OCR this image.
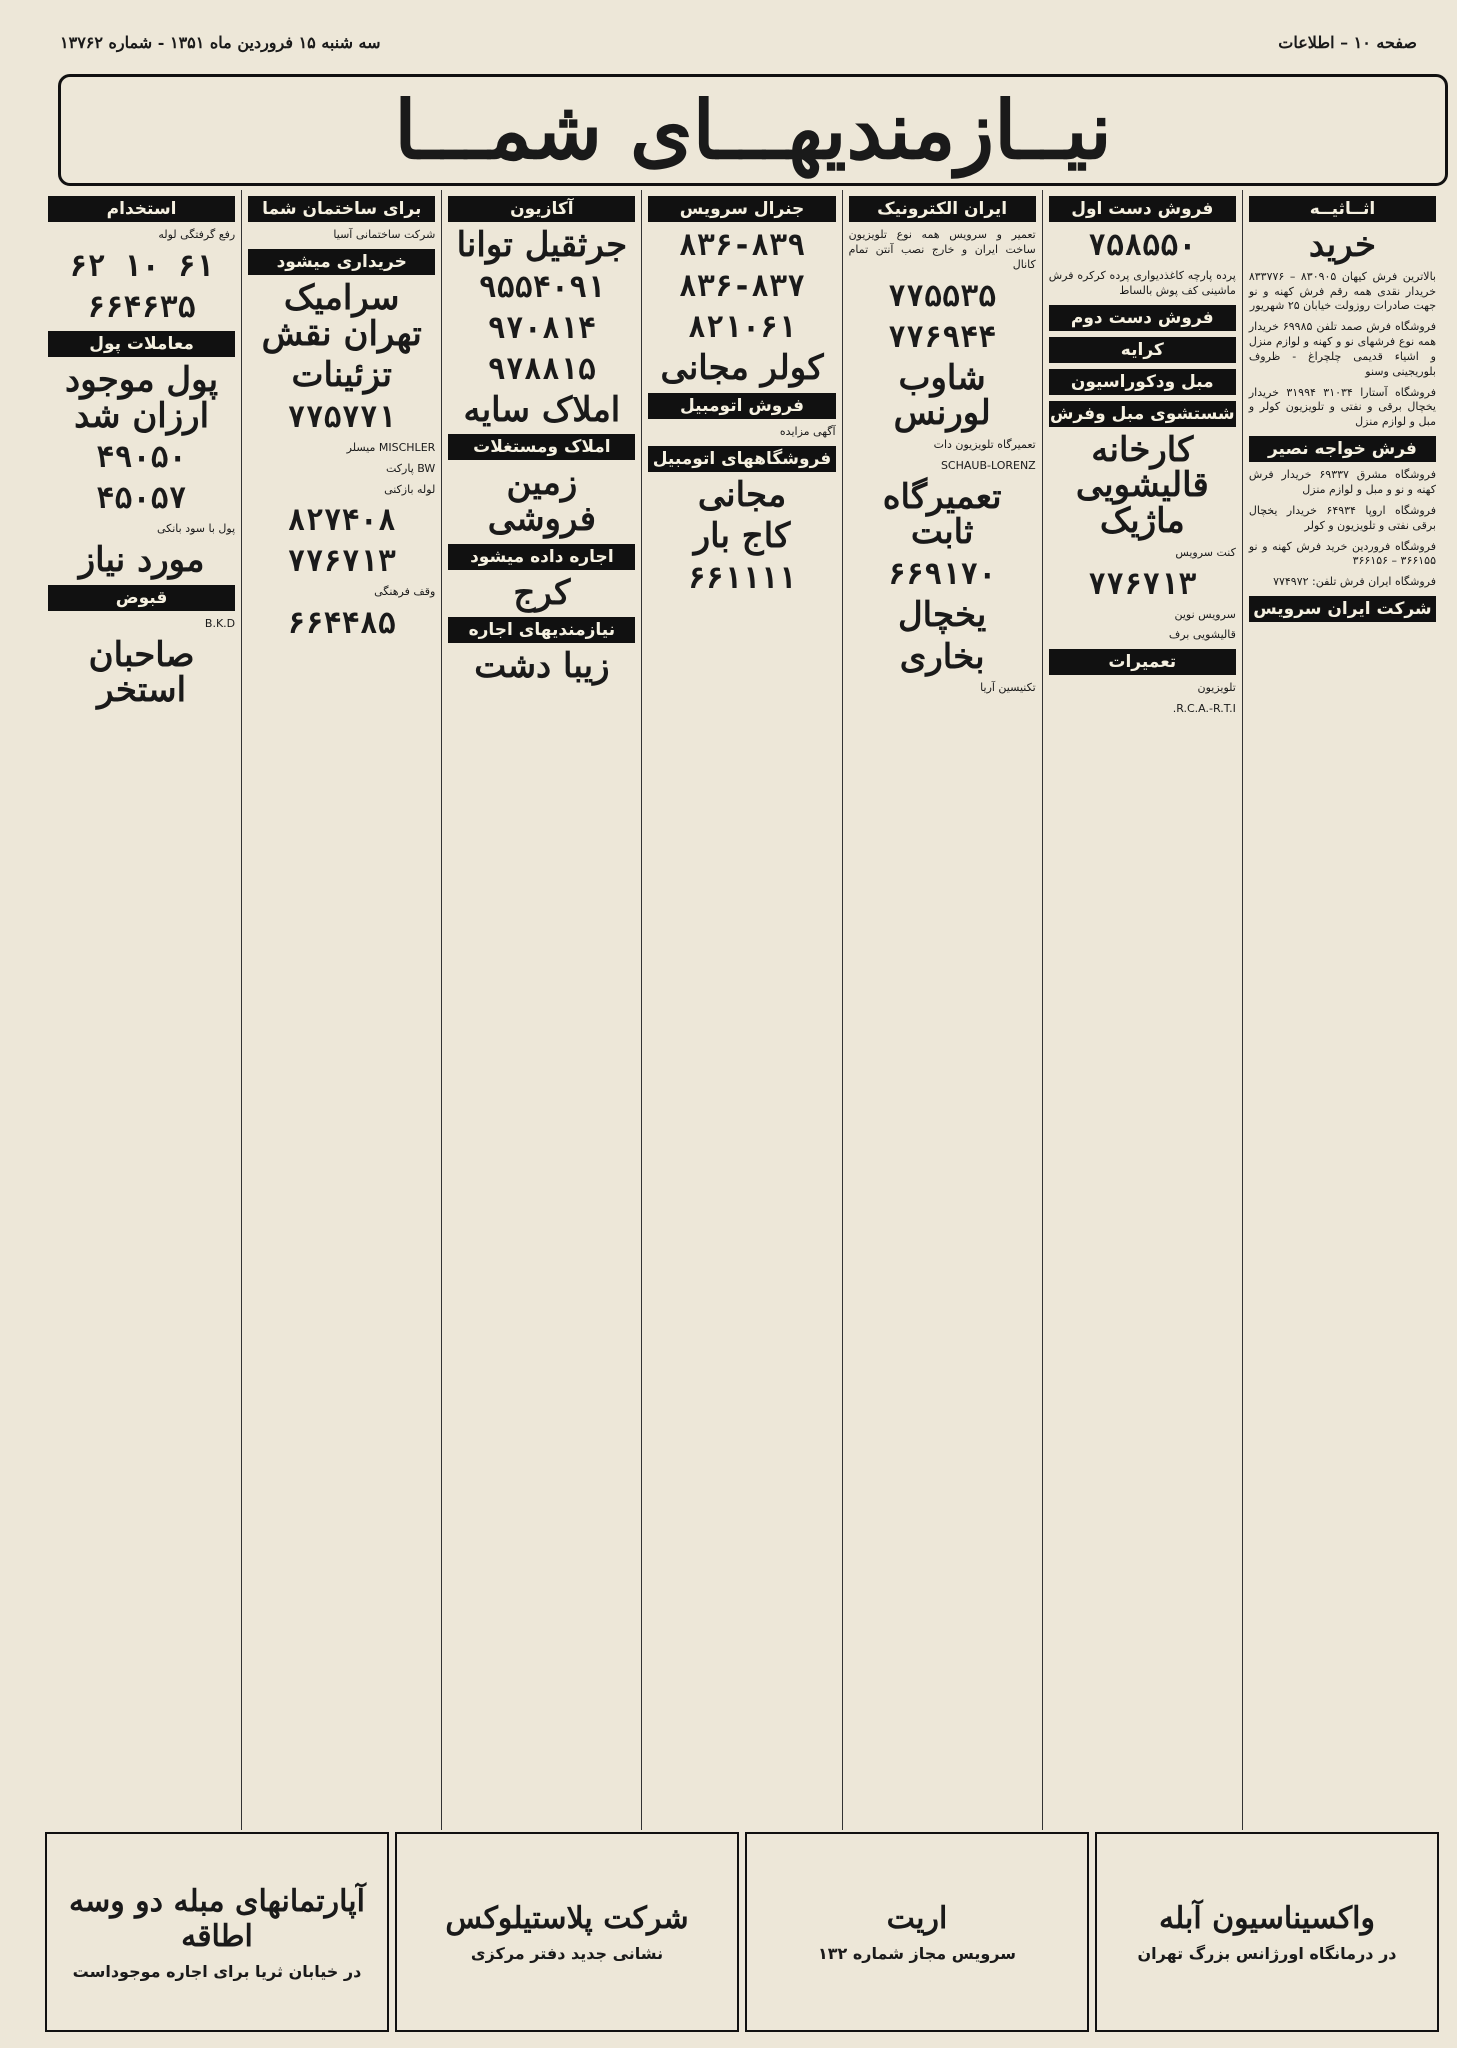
صفحه ۱۰ – اطلاعات
سه شنبه ۱۵ فروردین ماه ۱۳۵۱ - شماره ۱۳۷۶۲
نیــازمندیهـــای شمـــا
اثــاثیــه
خرید
بالاترین فرش کیهان ۸۳۰۹۰۵ – ۸۳۳۷۷۶ خریدار نقدی همه رقم فرش کهنه و نو جهت صادرات روزولت خیابان ۲۵ شهریور
فروشگاه فرش صمد تلفن ۶۹۹۸۵ خریدار همه نوع فرشهای نو و کهنه و لوازم منزل و اشیاء قدیمی چلچراغ - ظروف بلوریجینی وسنو
فروشگاه آستارا ۳۱۰۳۴ ۳۱۹۹۴ خریدار یخچال برقی و نفتی و تلویزیون کولر و مبل و لوازم منزل
فرش خواجه نصیر
فروشگاه مشرق ۶۹۳۳۷ خریدار فرش کهنه و نو و مبل و لوازم منزل
فروشگاه اروپا ۶۴۹۳۴ خریدار یخچال برقی نفتی و تلویزیون و کولر
فروشگاه فروردین خرید فرش کهنه و نو ۳۶۶۱۵۵ – ۳۶۶۱۵۶
فروشگاه ایران فرش تلفن: ۷۷۴۹۷۲
شرکت ایران سرویس
فروش دست اول
۷۵۸۵۵۰
پرده پارچه کاغذدیواری پرده کرکره فرش ماشینی کف پوش بالساط
فروش دست دوم
کرایه
مبل ودکوراسیون
شستشوی مبل وفرش
کارخانه قالیشویی ماژیک
کنت سرویس
۷۷۶۷۱۳
سرویس نوین
قالیشویی برف
تعمیرات
تلویزیون
R.C.A.-R.T.I.
ایران الکترونیک
تعمیر و سرویس همه نوع تلویزیون ساخت ایران و خارج نصب آنتن تمام کانال
۷۷۵۵۳۵
۷۷۶۹۴۴
شاوب لورنس
تعمیرگاه تلویزیون دات
SCHAUB-LORENZ
تعمیرگاه ثابت
۶۶۹۱۷۰
یخچال
بخاری
تکنیسین آریا
جنرال سرویس
۸۳۶-۸۳۹
۸۳۶-۸۳۷
۸۲۱۰۶۱
کولر مجانی
فروش اتومبیل
آگهی مزایده
فروشگاههای اتومبیل
مجانی
کاج بار
۶۶۱۱۱۱
آکازیون
جرثقیل توانا
۹۵۵۴۰۹۱
۹۷۰۸۱۴
۹۷۸۸۱۵
املاک سایه
املاک ومستغلات
زمین فروشی
اجاره داده میشود
کرج
نیازمندیهای اجاره
زیبا دشت
برای ساختمان شما
شرکت ساختمانی آسیا
خریداری میشود
سرامیک تهران نقش
تزئینات
۷۷۵۷۷۱
MISCHLER میسلر
BW پارکت
لوله بازکنی
۸۲۷۴۰۸
۷۷۶۷۱۳
وقف فرهنگی
۶۶۴۴۸۵
استخدام
رفع گرفتگی لوله
۶۱ ۱۰ ۶۲
۶۶۴۶۳۵
معاملات پول
پول موجود ارزان شد
۴۹۰۵۰
۴۵۰۵۷
پول با سود بانکی
مورد نیاز
قبوض
B.K.D
صاحبان استخر
واکسیناسیون آبله
در درمانگاه اورژانس بزرگ تهران
اریت
سرویس مجاز شماره ۱۳۲
شرکت پلاستیلوکس
نشانی جدید دفتر مرکزی
آپارتمانهای مبله دو وسه اطاقه
در خیابان ثریا برای اجاره موجوداست
